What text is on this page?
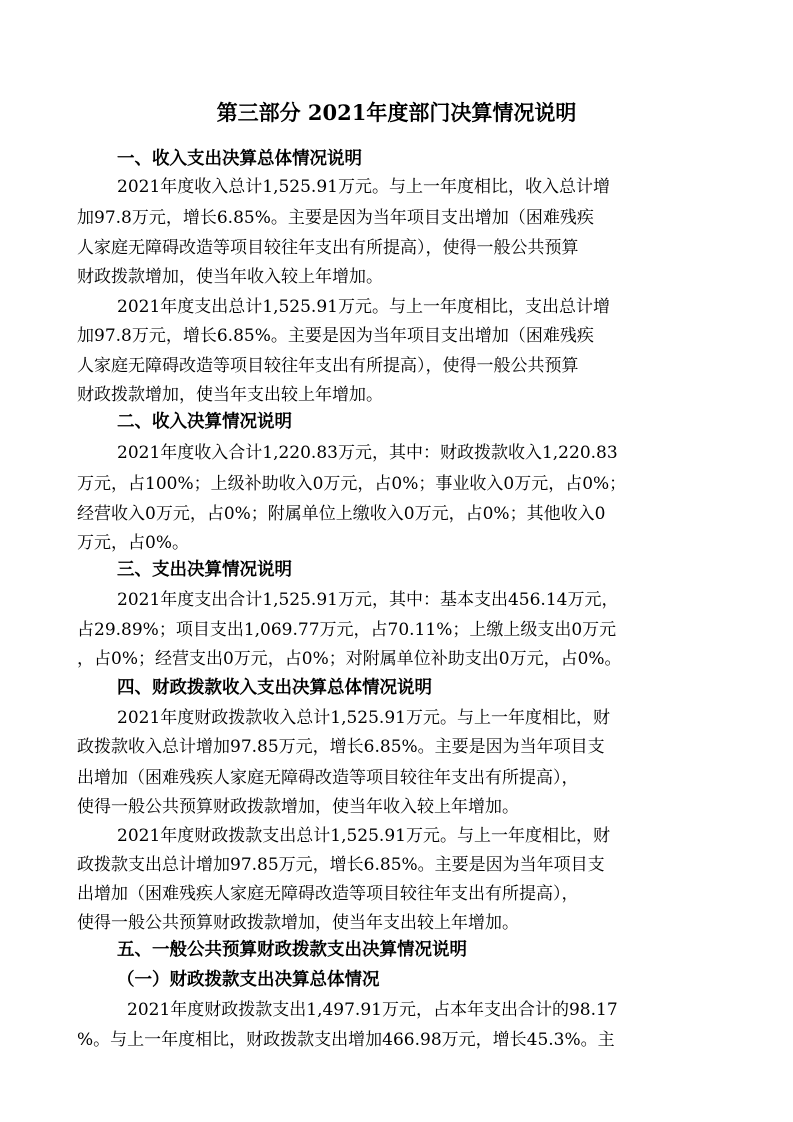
第三部分 2021年度部门决算情况说明
一、收入支出决算总体情况说明
2021年度收入总计1,525.91万元。与上一年度相比，收入总计增
加97.8万元，增长6.85%。主要是因为当年项目支出增加（困难残疾
人家庭无障碍改造等项目较往年支出有所提高），使得一般公共预算
财政拨款增加，使当年收入较上年增加。
2021年度支出总计1,525.91万元。与上一年度相比，支出总计增
加97.8万元，增长6.85%。主要是因为当年项目支出增加（困难残疾
人家庭无障碍改造等项目较往年支出有所提高），使得一般公共预算
财政拨款增加，使当年支出较上年增加。
二、收入决算情况说明
2021年度收入合计1,220.83万元，其中：财政拨款收入1,220.83
万元，占100%；上级补助收入0万元，占0%；事业收入0万元，占0%；
经营收入0万元，占0%；附属单位上缴收入0万元，占0%；其他收入0
万元，占0%。
三、支出决算情况说明
2021年度支出合计1,525.91万元，其中：基本支出456.14万元，
占29.89%；项目支出1,069.77万元，占70.11%；上缴上级支出0万元
，占0%；经营支出0万元，占0%；对附属单位补助支出0万元，占0%。
四、财政拨款收入支出决算总体情况说明
2021年度财政拨款收入总计1,525.91万元。与上一年度相比，财
政拨款收入总计增加97.85万元，增长6.85%。主要是因为当年项目支
出增加（困难残疾人家庭无障碍改造等项目较往年支出有所提高），
使得一般公共预算财政拨款增加，使当年收入较上年增加。
2021年度财政拨款支出总计1,525.91万元。与上一年度相比，财
政拨款支出总计增加97.85万元，增长6.85%。主要是因为当年项目支
出增加（困难残疾人家庭无障碍改造等项目较往年支出有所提高），
使得一般公共预算财政拨款增加，使当年支出较上年增加。
五、一般公共预算财政拨款支出决算情况说明
（一）财政拨款支出决算总体情况
2021年度财政拨款支出1,497.91万元，占本年支出合计的98.17
%。与上一年度相比，财政拨款支出增加466.98万元，增长45.3%。主
